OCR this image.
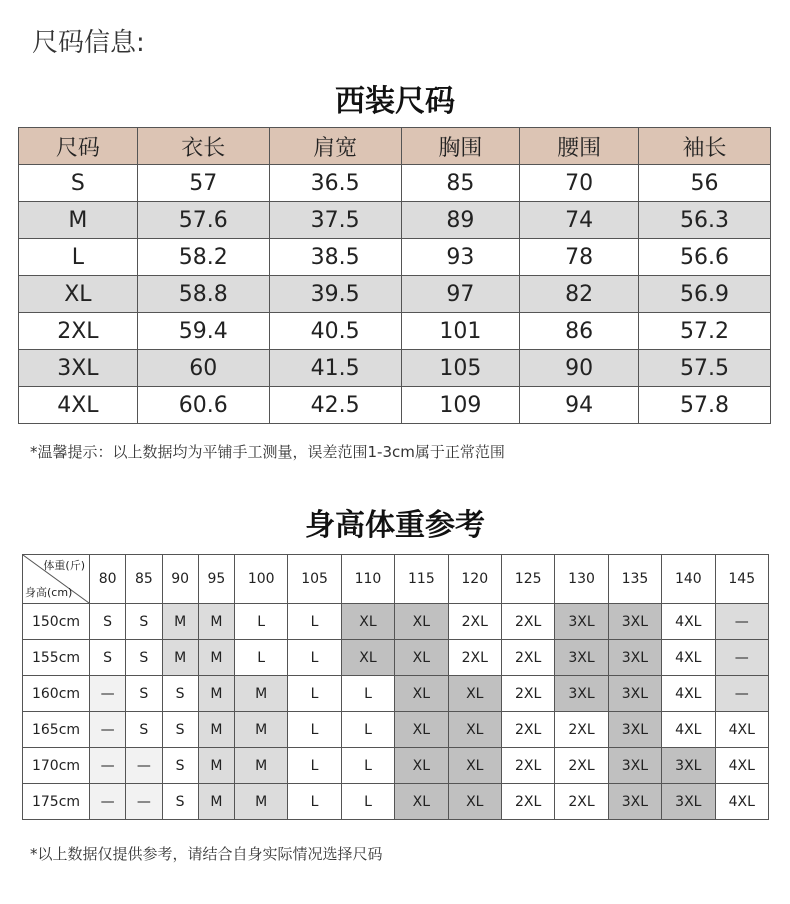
尺码信息:
西装尺码
尺码	衣长	肩宽	胸围	腰围	袖长
S	57	36.5	85	70	56
M	57.6	37.5	89	74	56.3
L	58.2	38.5	93	78	56.6
XL	58.8	39.5	97	82	56.9
2XL	59.4	40.5	101	86	57.2
3XL	60	41.5	105	90	57.5
4XL	60.6	42.5	109	94	57.8
*温馨提示：以上数据均为平铺手工测量，误差范围1-3cm属于正常范围
身高体重参考
体重(斤)
身高(cm)	80	85	90	95	100	105	110	115	120	125	130	135	140	145
150cm	S	S	M	M	L	L	XL	XL	2XL	2XL	3XL	3XL	4XL	—
155cm	S	S	M	M	L	L	XL	XL	2XL	2XL	3XL	3XL	4XL	—
160cm	—	S	S	M	M	L	L	XL	XL	2XL	3XL	3XL	4XL	—
165cm	—	S	S	M	M	L	L	XL	XL	2XL	2XL	3XL	4XL	4XL
170cm	—	—	S	M	M	L	L	XL	XL	2XL	2XL	3XL	3XL	4XL
175cm	—	—	S	M	M	L	L	XL	XL	2XL	2XL	3XL	3XL	4XL
*以上数据仅提供参考，请结合自身实际情况选择尺码
